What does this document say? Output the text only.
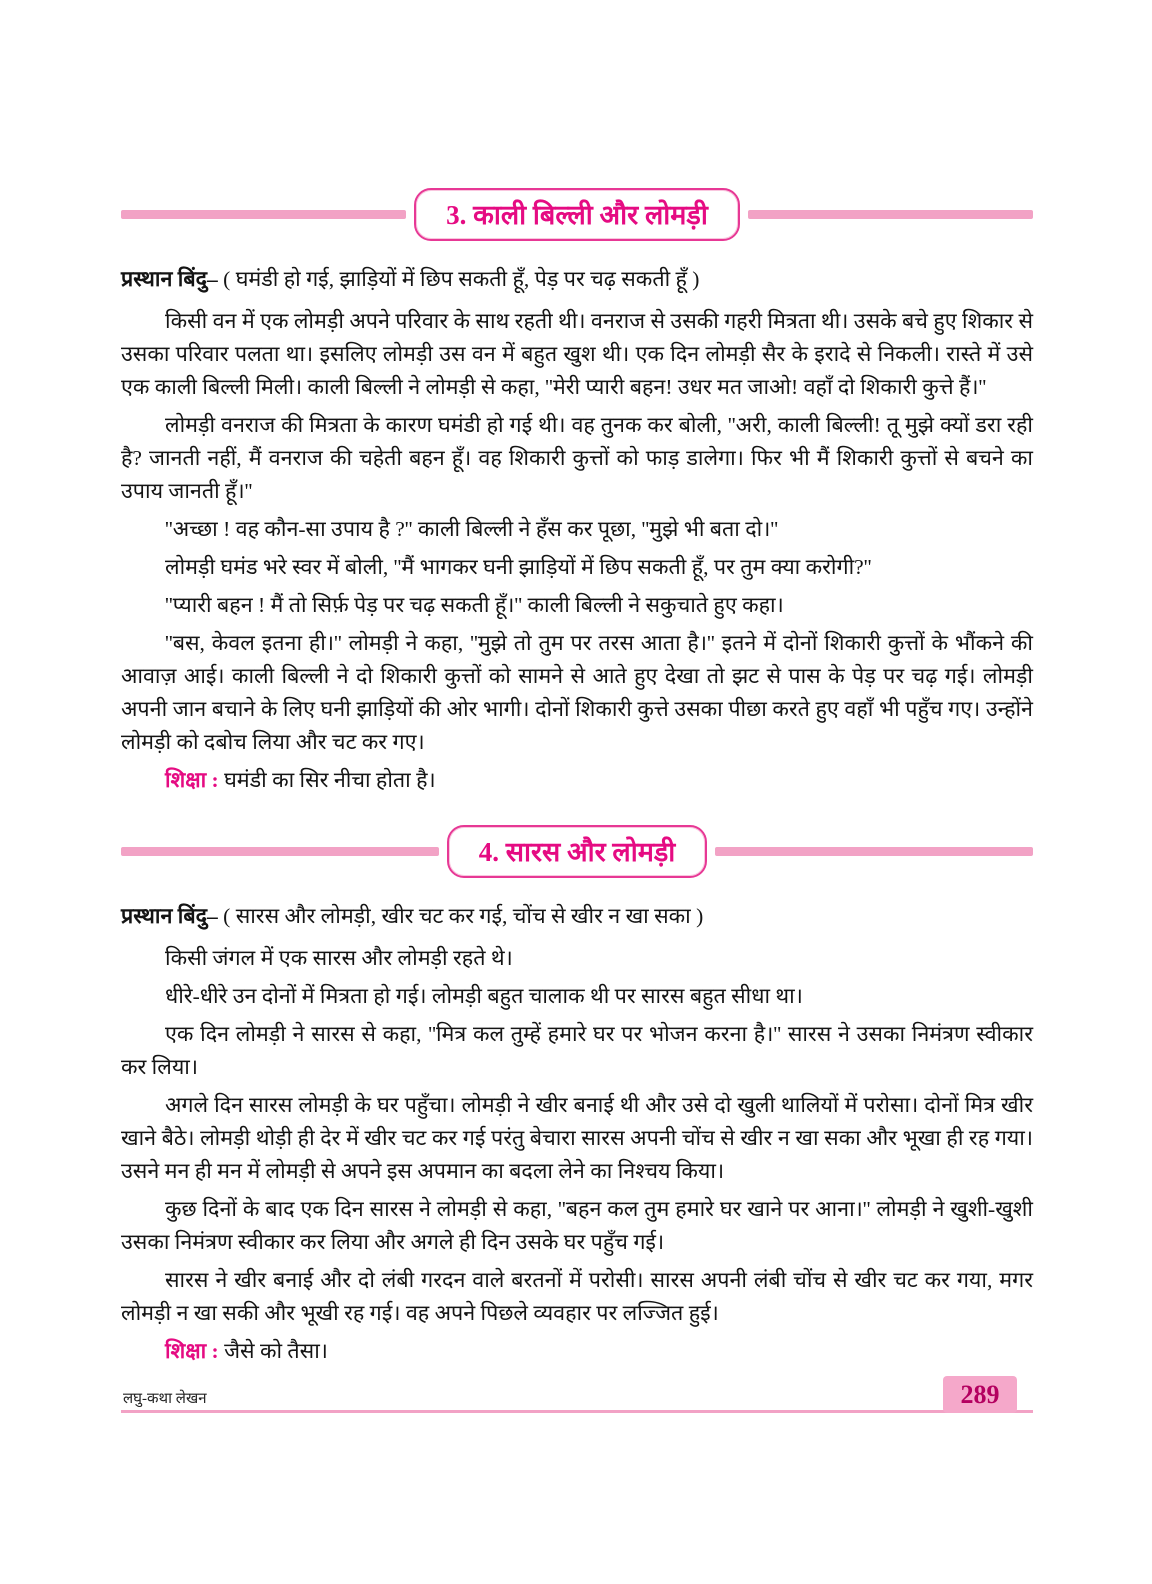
3. काली बिल्ली और लोमड़ी

प्रस्थान बिंदु– ( घमंडी हो गई, झाड़ियों में छिप सकती हूँ, पेड़ पर चढ़ सकती हूँ )

किसी वन में एक लोमड़ी अपने परिवार के साथ रहती थी। वनराज से उसकी गहरी मित्रता थी। उसके बचे हुए शिकार से उसका परिवार पलता था। इसलिए लोमड़ी उस वन में बहुत खुश थी। एक दिन लोमड़ी सैर के इरादे से निकली। रास्ते में उसे एक काली बिल्ली मिली। काली बिल्ली ने लोमड़ी से कहा, ''मेरी प्यारी बहन! उधर मत जाओ! वहाँ दो शिकारी कुत्ते हैं।''

लोमड़ी वनराज की मित्रता के कारण घमंडी हो गई थी। वह तुनक कर बोली, ''अरी, काली बिल्ली! तू मुझे क्यों डरा रही है? जानती नहीं, मैं वनराज की चहेती बहन हूँ। वह शिकारी कुत्तों को फाड़ डालेगा। फिर भी मैं शिकारी कुत्तों से बचने का उपाय जानती हूँ।''

''अच्छा ! वह कौन-सा उपाय है ?'' काली बिल्ली ने हँस कर पूछा, ''मुझे भी बता दो।''

लोमड़ी घमंड भरे स्वर में बोली, ''मैं भागकर घनी झाड़ियों में छिप सकती हूँ, पर तुम क्या करोगी?''

''प्यारी बहन ! मैं तो सिर्फ़ पेड़ पर चढ़ सकती हूँ।'' काली बिल्ली ने सकुचाते हुए कहा।

''बस, केवल इतना ही।'' लोमड़ी ने कहा, ''मुझे तो तुम पर तरस आता है।'' इतने में दोनों शिकारी कुत्तों के भौंकने की आवाज़ आई। काली बिल्ली ने दो शिकारी कुत्तों को सामने से आते हुए देखा तो झट से पास के पेड़ पर चढ़ गई। लोमड़ी अपनी जान बचाने के लिए घनी झाड़ियों की ओर भागी। दोनों शिकारी कुत्ते उसका पीछा करते हुए वहाँ भी पहुँच गए। उन्होंने लोमड़ी को दबोच लिया और चट कर गए।

शिक्षा : घमंडी का सिर नीचा होता है।

4. सारस और लोमड़ी

प्रस्थान बिंदु– ( सारस और लोमड़ी, खीर चट कर गई, चोंच से खीर न खा सका )

किसी जंगल में एक सारस और लोमड़ी रहते थे।

धीरे-धीरे उन दोनों में मित्रता हो गई। लोमड़ी बहुत चालाक थी पर सारस बहुत सीधा था।

एक दिन लोमड़ी ने सारस से कहा, ''मित्र कल तुम्हें हमारे घर पर भोजन करना है।'' सारस ने उसका निमंत्रण स्वीकार कर लिया।

अगले दिन सारस लोमड़ी के घर पहुँचा। लोमड़ी ने खीर बनाई थी और उसे दो खुली थालियों में परोसा। दोनों मित्र खीर खाने बैठे। लोमड़ी थोड़ी ही देर में खीर चट कर गई परंतु बेचारा सारस अपनी चोंच से खीर न खा सका और भूखा ही रह गया। उसने मन ही मन में लोमड़ी से अपने इस अपमान का बदला लेने का निश्चय किया।

कुछ दिनों के बाद एक दिन सारस ने लोमड़ी से कहा, ''बहन कल तुम हमारे घर खाने पर आना।'' लोमड़ी ने खुशी-खुशी उसका निमंत्रण स्वीकार कर लिया और अगले ही दिन उसके घर पहुँच गई।

सारस ने खीर बनाई और दो लंबी गरदन वाले बरतनों में परोसी। सारस अपनी लंबी चोंच से खीर चट कर गया, मगर लोमड़ी न खा सकी और भूखी रह गई। वह अपने पिछले व्यवहार पर लज्जित हुई।

शिक्षा : जैसे को तैसा।

लघु-कथा लेखन	289
